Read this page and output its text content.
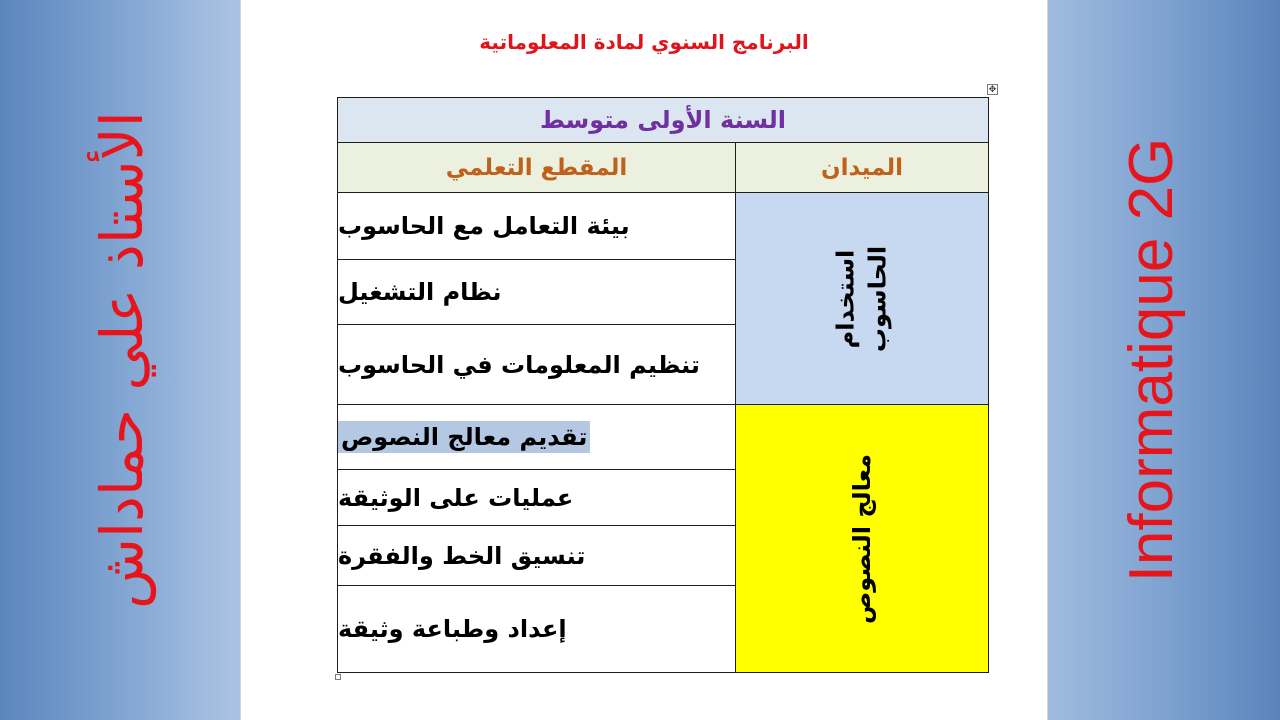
الأستاذ علي حماداش	Informatique 2G
البرنامج السنوي لمادة المعلوماتية
✥
السنة الأولى متوسط
الميدان
المقطع التعلمي
استخدام الحاسوب
معالج النصوص
بيئة التعامل مع الحاسوب
نظام التشغيل
تنظيم المعلومات في الحاسوب
تقديم معالج النصوص
عمليات على الوثيقة
تنسيق الخط والفقرة
إعداد وطباعة وثيقة
